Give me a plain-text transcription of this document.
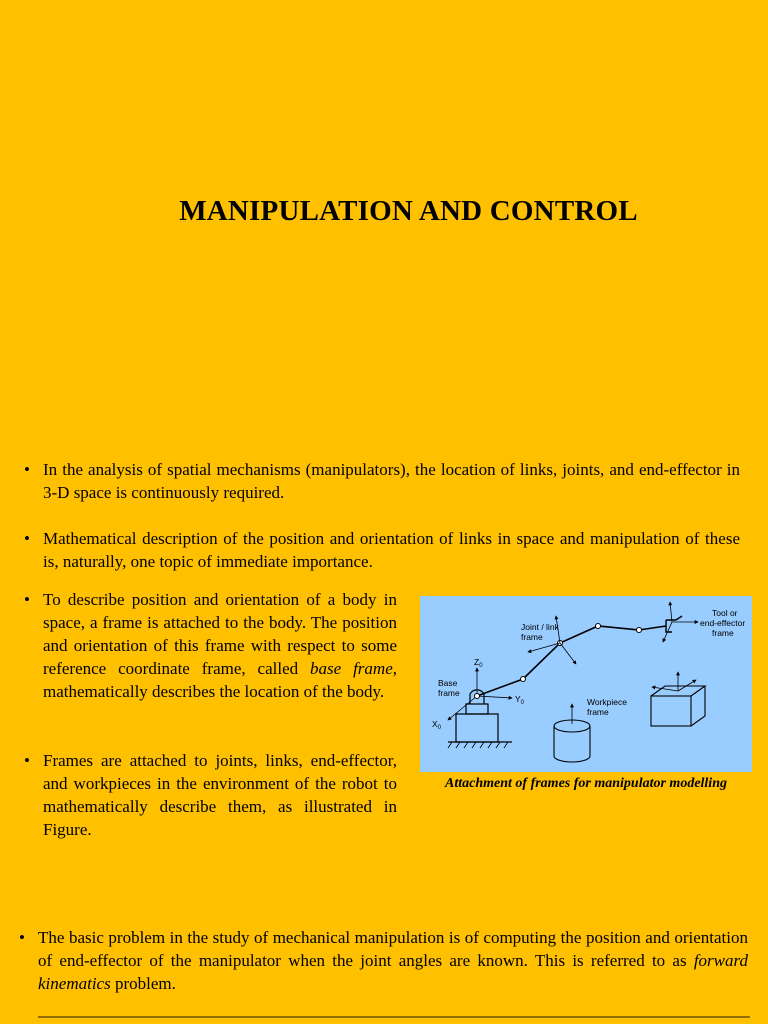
MANIPULATION AND CONTROL
• In the analysis of spatial mechanisms (manipulators), the location of links, joints, and end-effector in 3-D space is continuously required.

• Mathematical description of the position and orientation of links in space and manipulation of these is, naturally, one topic of immediate importance.

• To describe position and orientation of a body in space, a frame is attached to the body. The position and orientation of this frame with respect to some reference coordinate frame, called base frame, mathematically describes the location of the body.

• Frames are attached to joints, links, end-effector, and workpieces in the environment of the robot to mathematically describe them, as illustrated in Figure.

Tool or
end-effector
frame
Joint / link
frame
Base
frame
Workpiece
frame
$Z_0$
$Y_0$
$X_0$
Attachment of frames for manipulator modelling
• The basic problem in the study of mechanical manipulation is of computing the position and orientation of end-effector of the manipulator when the joint angles are known. This is referred to as forward kinematics problem.
